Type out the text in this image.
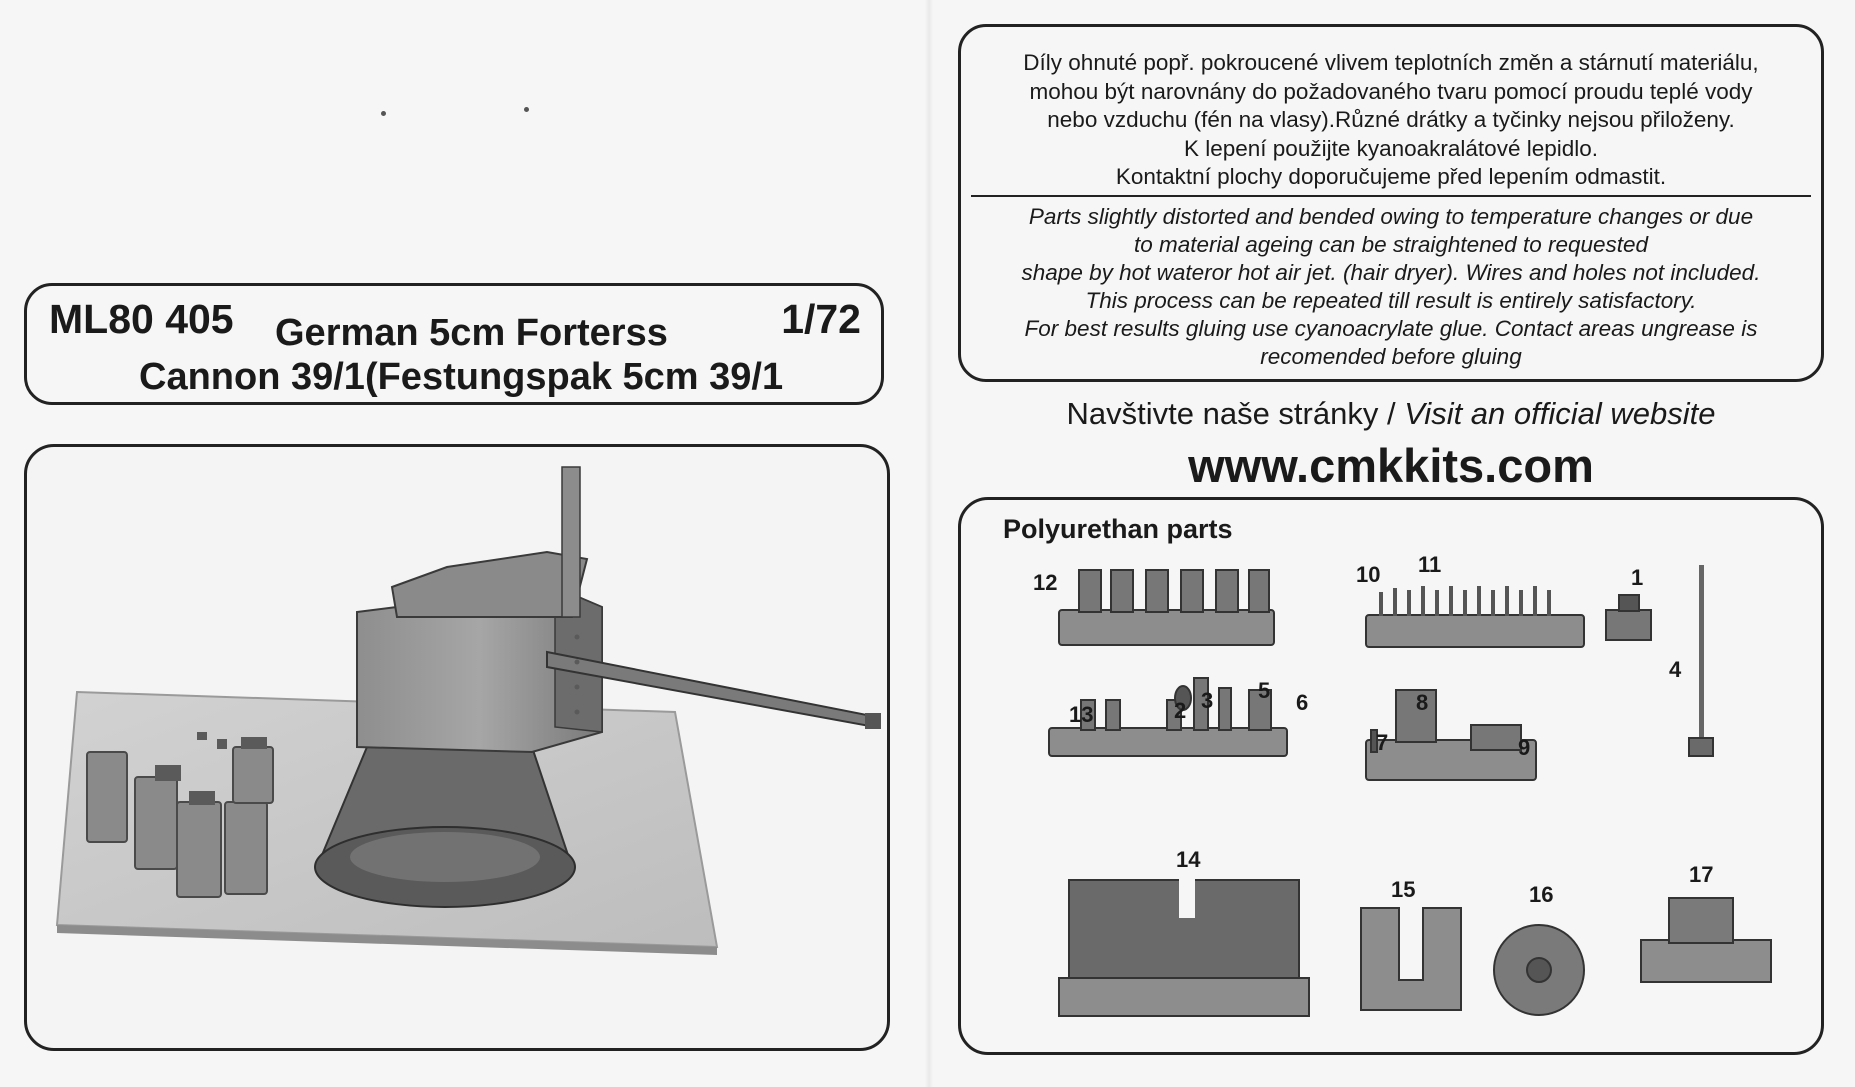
ML80 405 German 5cm Forterss	1/72
Cannon 39/1(Festungspak 5cm 39/1
Díly ohnuté popř. pokroucené vlivem teplotních změn a stárnutí materiálu,
mohou být narovnány do požadovaného tvaru pomocí proudu teplé vody
nebo vzduchu (fén na vlasy).Různé drátky a tyčinky nejsou přiloženy.
K lepení použijte kyanoakralátové lepidlo.
Kontaktní plochy doporučujeme před lepením odmastit.
Parts slightly distorted and bended owing to temperature changes or due
to material ageing can be straightened to requested
shape by hot wateror hot air jet. (hair dryer). Wires and holes not included.
This process can be repeated till result is entirely satisfactory.
For best results gluing use cyanoacrylate glue. Contact areas ungrease is
recomended before gluing
Navštivte naše stránky / Visit an official website
www.cmkkits.com
Polyurethan parts
12	10 11
1
4
13	2 3 5 6	8
7	9
14
15	16
17
